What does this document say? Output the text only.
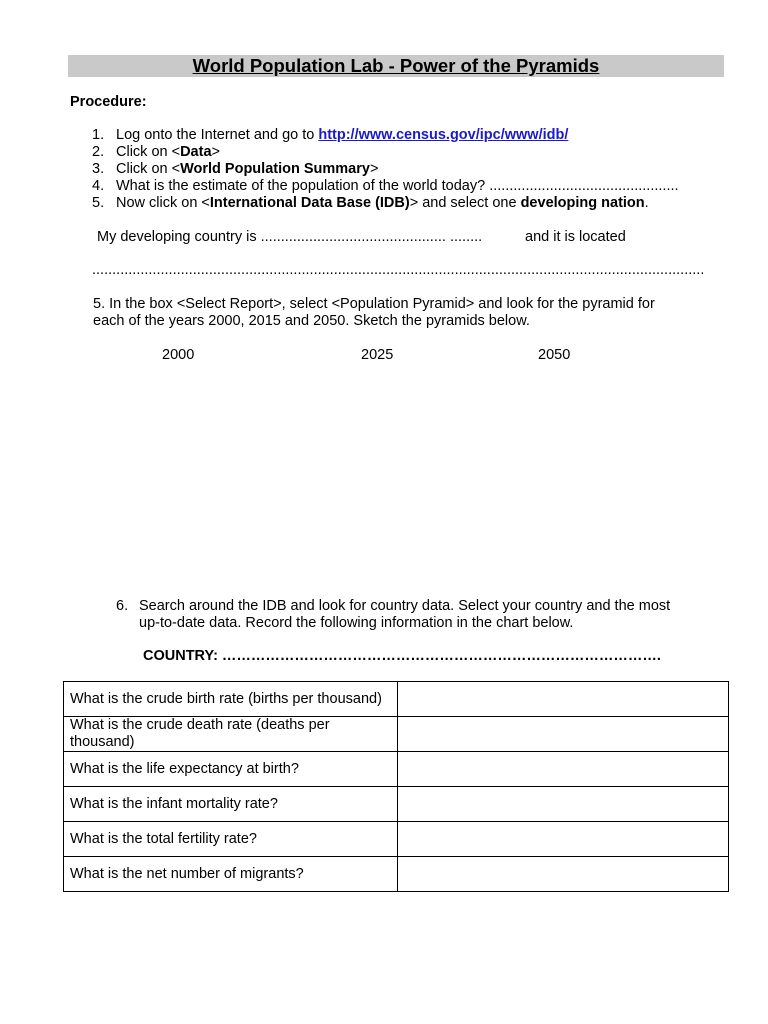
World Population Lab - Power of the Pyramids
Procedure:
1. Log onto the Internet and go to http://www.census.gov/ipc/www/idb/
2. Click on <Data>
3. Click on <World Population Summary>
4. What is the estimate of the population of the world today? ...............................................
5. Now click on <International Data Base (IDB)> and select one developing nation.
My developing country is .............................................. ........	and it is located
........................................................................................................................................................
5. In the box <Select Report>, select <Population Pyramid> and look for the pyramid for
each of the years 2000, 2015 and 2050. Sketch the pyramids below.
2000	2025	2050
6. Search around the IDB and look for country data. Select your country and the most
up-to-date data. Record the following information in the chart below.
COUNTRY: ……………………………………………………………………………….
What is the crude birth rate (births per thousand)	
What is the crude death rate (deaths per thousand)	
What is the life expectancy at birth?	
What is the infant mortality rate?	
What is the total fertility rate?	
What is the net number of migrants?	
